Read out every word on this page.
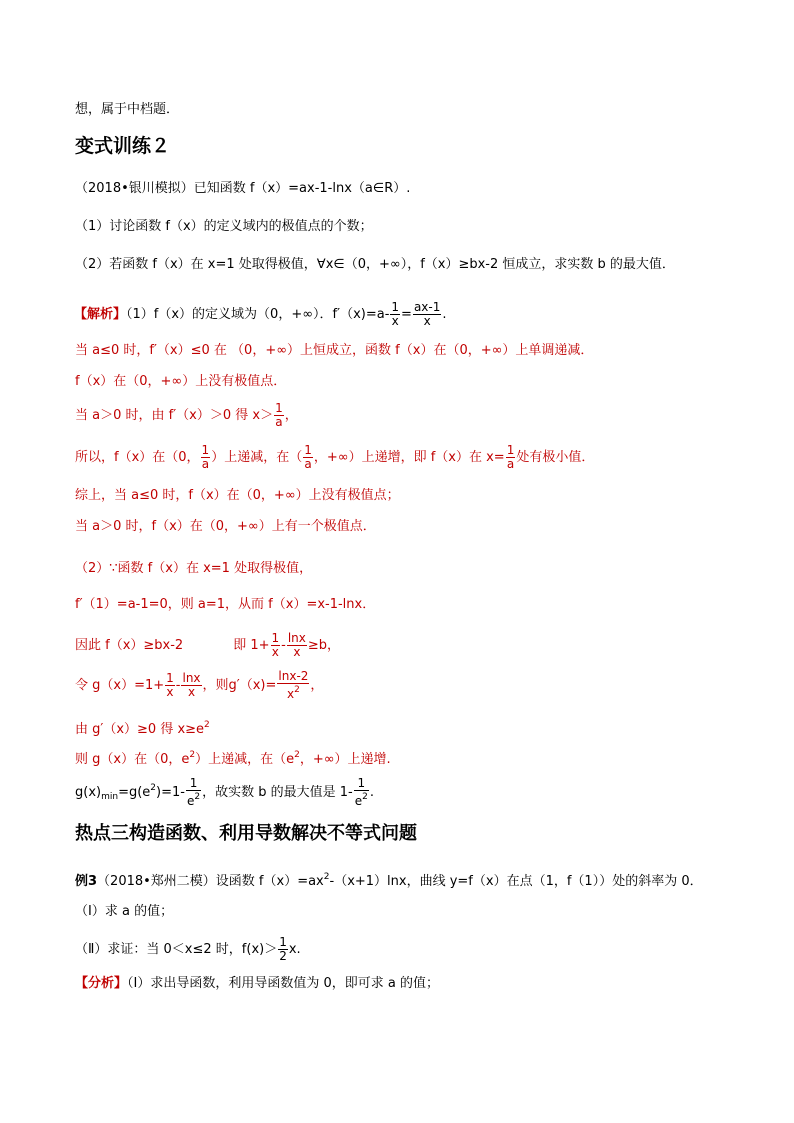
想，属于中档题．
变式训练２
（2018•银川模拟）已知函数 f（x）=ax-1-lnx（a∈R）.
（1）讨论函数 f（x）的定义域内的极值点的个数；
（2）若函数 f（x）在 x=1 处取得极值，∀x∈（0，+∞），f（x）≥bx-2 恒成立，求实数 b 的最大值．
【解析】（1）f（x）的定义域为（0，+∞）．$f'(x)=a- \frac{1}{x} = \frac{ax-1}{x}$ .
当 a≤0 时，f′（x）≤0 在 （0，+∞）上恒成立，函数 f（x）在（0，+∞）上单调递减．
f（x）在（0，+∞）上没有极值点．
当 a＞0 时，由 f′（x）＞0 得 $x> \frac{1}{a}$ ，
所以，f（x）在（0， $\frac{1}{a}$ ）上递减，在（ $\frac{1}{a}$ ，+∞）上递增，即 f（x）在 $x= \frac{1}{a}$ 处有极小值．
综上，当 a≤0 时，f（x）在（0，+∞）上没有极值点；
当 a＞0 时，f（x）在（0，+∞）上有一个极值点．
（2）∵函数 f（x）在 x=1 处取得极值，
f′（1）=a-1=0，则 a=1，从而 f（x）=x-1-lnx．
因此 f（x）≥bx-2	即 $1+ \frac{1}{x} - \frac{\ln x}{x} \ge b$，
令 $g(x)=1+ \frac{1}{x} - \frac{\ln x}{x}$ ，则$g'(x)= \frac{\ln x-2}{x^2}$ ，
由 g′（x）≥0 得 $x\ge e^2$
则 g（x）在（0，$e^2$）上递减，在（$e^2$，+∞）上递增.
$g(x)_{min}=g(e^2)=1- \frac{1}{e^2}$ ，故实数 b 的最大值是 $1- \frac{1}{e^2}$ .
热点三构造函数、利用导数解决不等式问题
例3（2018•郑州二模）设函数 $f(x)=ax^2-(x+1)\ln x$，曲线 y=f（x）在点（1，f（1））处的斜率为 0．
（Ⅰ）求 a 的值；
（Ⅱ）求证：当 0＜x≤2 时，$f(x)> \frac{1}{2} x$.
【分析】（Ⅰ）求出导函数，利用导函数值为 0，即可求 a 的值；
